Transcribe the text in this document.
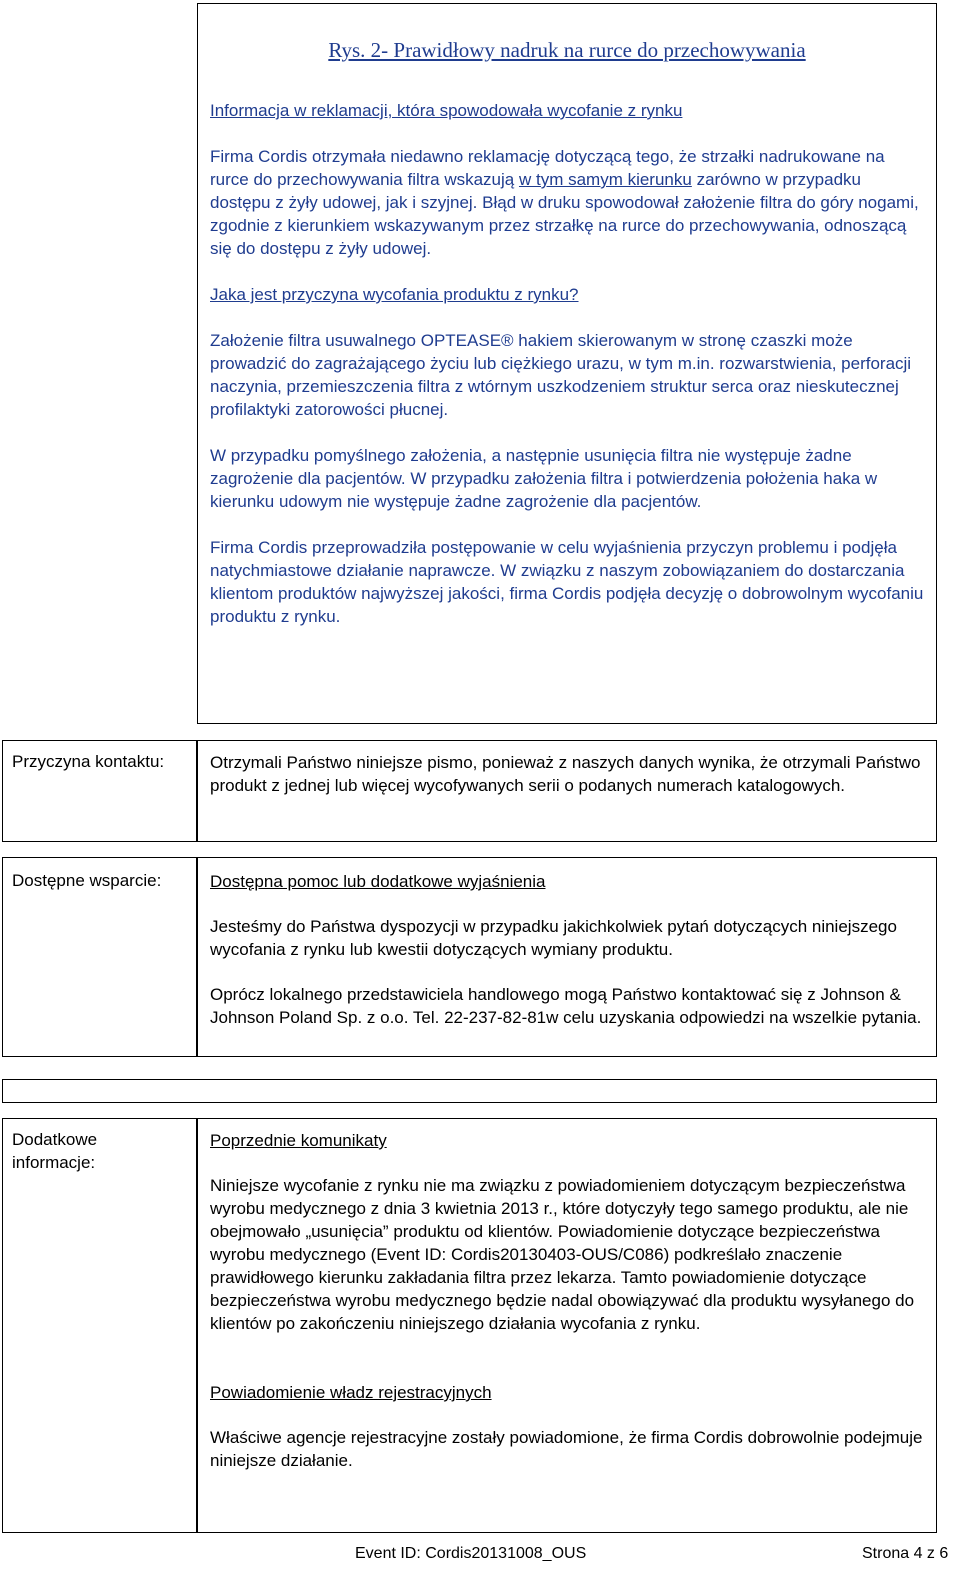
Rys. 2- Prawidłowy nadruk na rurce do przechowywania

Informacja w reklamacji, która spowodowała wycofanie z rynku

Firma Cordis otrzymała niedawno reklamację dotyczącą tego, że strzałki nadrukowane na rurce do przechowywania filtra wskazują w tym samym kierunku zarówno w przypadku dostępu z żyły udowej, jak i szyjnej. Błąd w druku spowodował założenie filtra do góry nogami, zgodnie z kierunkiem wskazywanym przez strzałkę na rurce do przechowywania, odnoszącą się do dostępu z żyły udowej.

Jaka jest przyczyna wycofania produktu z rynku?

Założenie filtra usuwalnego OPTEASE® hakiem skierowanym w stronę czaszki może prowadzić do zagrażającego życiu lub ciężkiego urazu, w tym m.in. rozwarstwienia, perforacji naczynia, przemieszczenia filtra z wtórnym uszkodzeniem struktur serca oraz nieskutecznej profilaktyki zatorowości płucnej.

W przypadku pomyślnego założenia, a następnie usunięcia filtra nie występuje żadne zagrożenie dla pacjentów. W przypadku założenia filtra i potwierdzenia położenia haka w kierunku udowym nie występuje żadne zagrożenie dla pacjentów.

Firma Cordis przeprowadziła postępowanie w celu wyjaśnienia przyczyn problemu i podjęła natychmiastowe działanie naprawcze. W związku z naszym zobowiązaniem do dostarczania klientom produktów najwyższej jakości, firma Cordis podjęła decyzję o dobrowolnym wycofaniu produktu z rynku.

Otrzymali Państwo niniejsze pismo, ponieważ z naszych danych wynika, że otrzymali Państwo produkt z jednej lub więcej wycofywanych serii o podanych numerach katalogowych.

Przyczyna kontaktu:

Dostępna pomoc lub dodatkowe wyjaśnienia

Jesteśmy do Państwa dyspozycji w przypadku jakichkolwiek pytań dotyczących niniejszego wycofania z rynku lub kwestii dotyczących wymiany produktu.

Oprócz lokalnego przedstawiciela handlowego mogą Państwo kontaktować się z Johnson & Johnson Poland Sp. z o.o. Tel. 22-237-82-81w celu uzyskania odpowiedzi na wszelkie pytania.

Dostępne wsparcie:

Poprzednie komunikaty

Niniejsze wycofanie z rynku nie ma związku z powiadomieniem dotyczącym bezpieczeństwa wyrobu medycznego z dnia 3 kwietnia 2013 r., które dotyczyły tego samego produktu, ale nie obejmowało „usunięcia” produktu od klientów. Powiadomienie dotyczące bezpieczeństwa wyrobu medycznego (Event ID: Cordis20130403-OUS/C086) podkreślało znaczenie prawidłowego kierunku zakładania filtra przez lekarza. Tamto powiadomienie dotyczące bezpieczeństwa wyrobu medycznego będzie nadal obowiązywać dla produktu wysyłanego do klientów po zakończeniu niniejszego działania wycofania z rynku.

Powiadomienie władz rejestracyjnych

Właściwe agencje rejestracyjne zostały powiadomione, że firma Cordis dobrowolnie podejmuje niniejsze działanie.

Dodatkowe informacje:

Event ID: Cordis20131008_OUS	Strona 4 z 6
